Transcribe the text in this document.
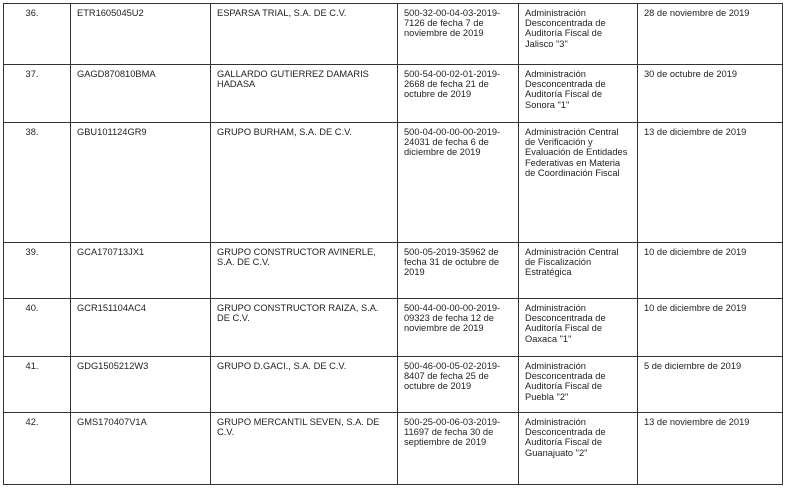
36.	ETR1605045U2	ESPARSA TRIAL, S.A. DE C.V.	500-32-00-04-03-2019- 7126 de fecha 7 de noviembre de 2019	Administración Desconcentrada de Auditoría Fiscal de Jalisco "3"	28 de noviembre de 2019
37.	GAGD870810BMA	GALLARDO GUTIERREZ DAMARIS HADASA	500-54-00-02-01-2019-2668 de fecha 21 de octubre de 2019	Administración Desconcentrada de Auditoría Fiscal de Sonora "1"	30 de octubre de 2019
38.	GBU101124GR9	GRUPO BURHAM, S.A. DE C.V.	500-04-00-00-00-2019-24031 de fecha 6 de diciembre de 2019	Administración Central de Verificación y Evaluación de Entidades Federativas en Materia de Coordinación Fiscal	13 de diciembre de 2019
39.	GCA170713JX1	GRUPO CONSTRUCTOR AVINERLE, S.A. DE C.V.	500-05-2019-35962 de fecha 31 de octubre de 2019	Administración Central de Fiscalización Estratégica	10 de diciembre de 2019
40.	GCR151104AC4	GRUPO CONSTRUCTOR RAIZA, S.A. DE C.V.	500-44-00-00-00-2019-09323 de fecha 12 de noviembre de 2019	Administración Desconcentrada de Auditoría Fiscal de Oaxaca "1"	10 de diciembre de 2019
41.	GDG1505212W3	GRUPO D.GACI., S.A. DE C.V.	500-46-00-05-02-2019-8407 de fecha 25 de octubre de 2019	Administración Desconcentrada de Auditoría Fiscal de Puebla "2"	5 de diciembre de 2019
42.	GMS170407V1A	GRUPO MERCANTIL SEVEN, S.A. DE C.V.	500-25-00-06-03-2019-11697 de fecha 30 de septiembre de 2019	Administración Desconcentrada de Auditoría Fiscal de Guanajuato "2"	13 de noviembre de 2019
